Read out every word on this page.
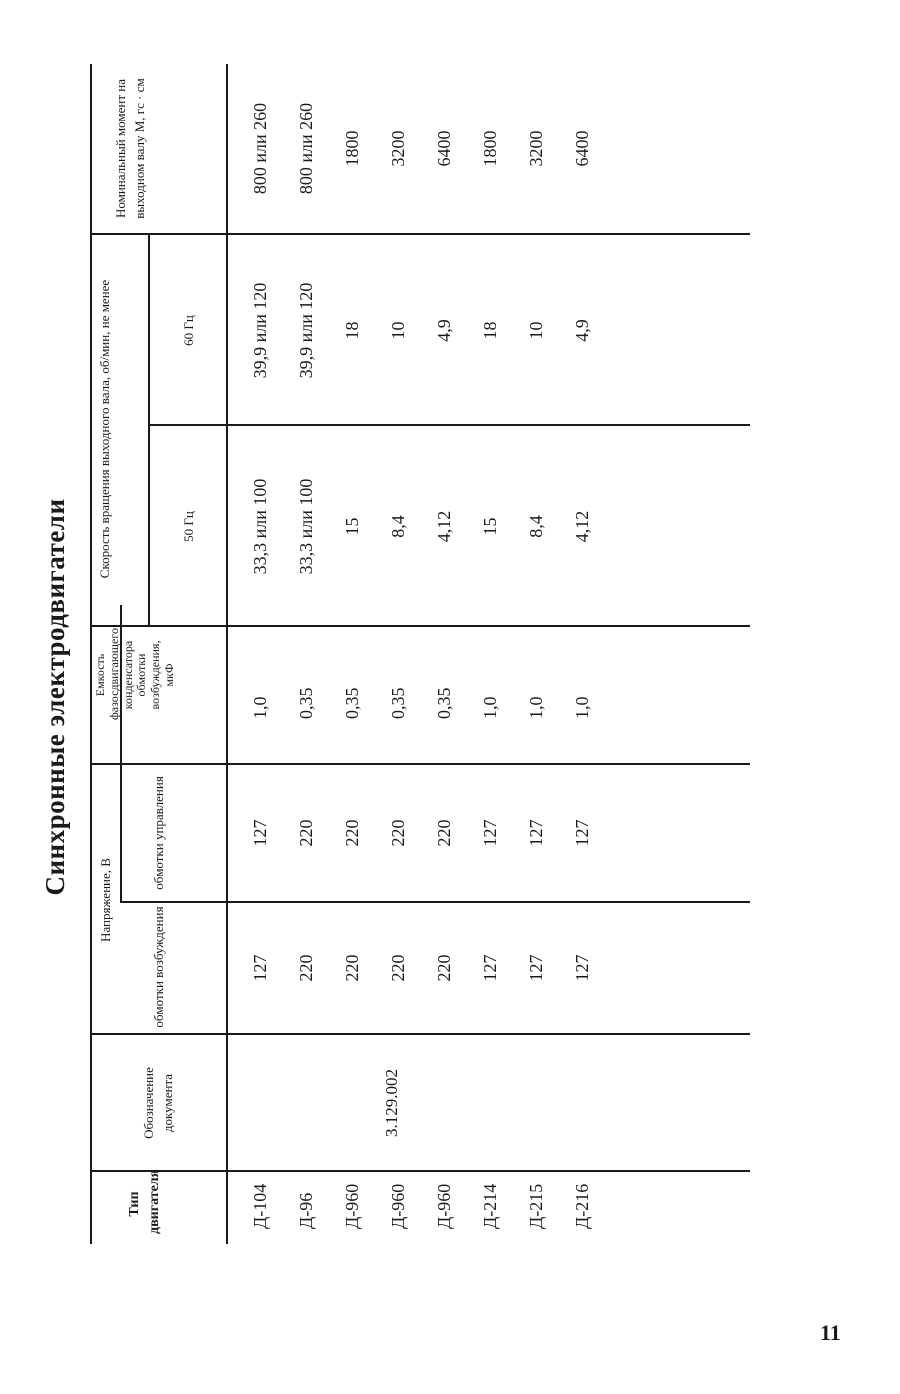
Синхронные электродвигатели
Тип двигателя
Обозначение документа
Напряжение, В
обмотки возбуждения
обмотки управления
Емкость фазосдвигающего конденсатора обмотки возбуждения, мкФ
Скорость вращения выходного вала, об/мин, не менее	50 Гц
60 Гц
Номинальный момент на выходном валу М, гс · см
3.129.002
Д-104
127
127
1,0
33,3 или 100
39,9 или 120
800 или 260
Д-96
220
220
0,35
33,3 или 100
39,9 или 120
800 или 260
Д-960
220
220
0,35
15
18
1800
Д-960
220
220
0,35
8,4
10
3200
Д-960
220
220
0,35
4,12
4,9
6400
Д-214
127
127
1,0
15
18
1800
Д-215
127
127
1,0
8,4
10
3200
Д-216
127
127
1,0
4,12
4,9
6400
11
